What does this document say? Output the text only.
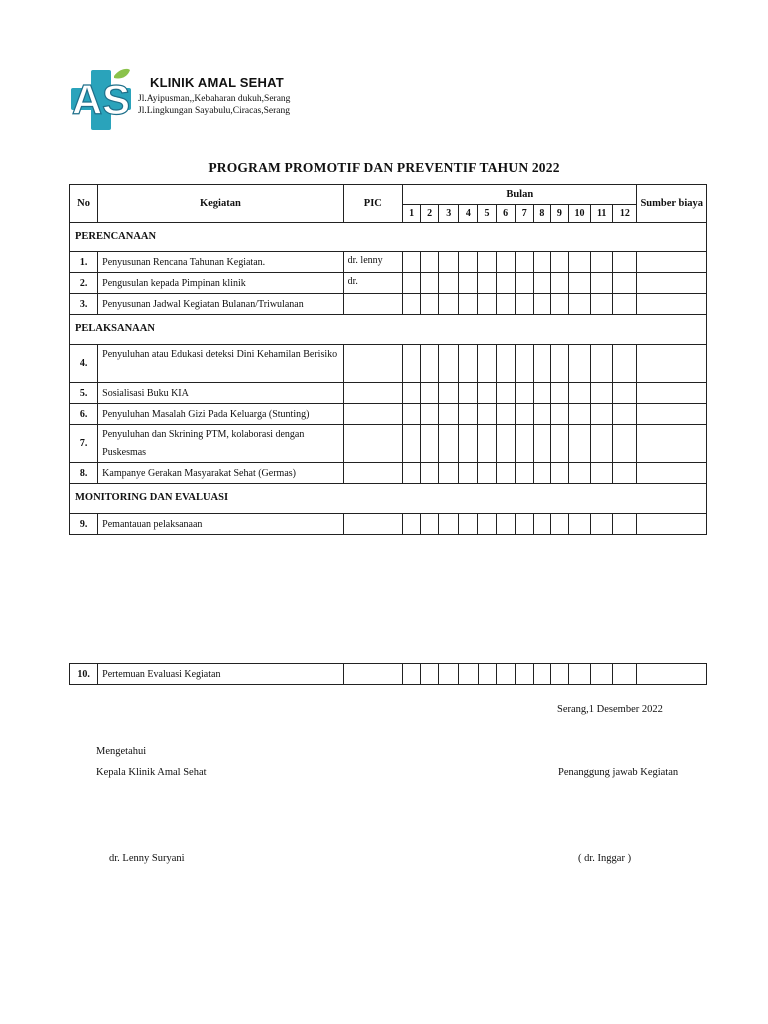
AS KLINIK AMAL SEHAT
Jl.Ayipusman,,Kebaharan dukuh,Serang
Jl.Lingkungan Sayabulu,Ciracas,Serang
PROGRAM PROMOTIF DAN PREVENTIF TAHUN 2022
No	Kegiatan	PIC	Bulan												Sumber biaya
			1	2	3	4	5	6	7	8	9	10	11	12	
PERENCANAAN															
1.	Penyusunan Rencana Tahunan Kegiatan.	dr. lenny													
2.	Pengusulan kepada Pimpinan klinik	dr.													
3.	Penyusunan Jadwal Kegiatan Bulanan/Triwulanan														
PELAKSANAAN															
4.	Penyuluhan atau Edukasi deteksi Dini Kehamilan Berisiko														
5.	Sosialisasi Buku KIA														
6.	Penyuluhan Masalah Gizi Pada Keluarga (Stunting)														
7.	Penyuluhan dan Skrining PTM, kolaborasi dengan Puskesmas														
8.	Kampanye Gerakan Masyarakat Sehat (Germas)														
MONITORING DAN EVALUASI															
9.	Pemantauan pelaksanaan														
10.	Pertemuan Evaluasi Kegiatan														
Serang,1 Desember 2022
Mengetahui
Kepala Klinik Amal Sehat	Penanggung jawab Kegiatan
dr. Lenny Suryani	( dr. Inggar )
